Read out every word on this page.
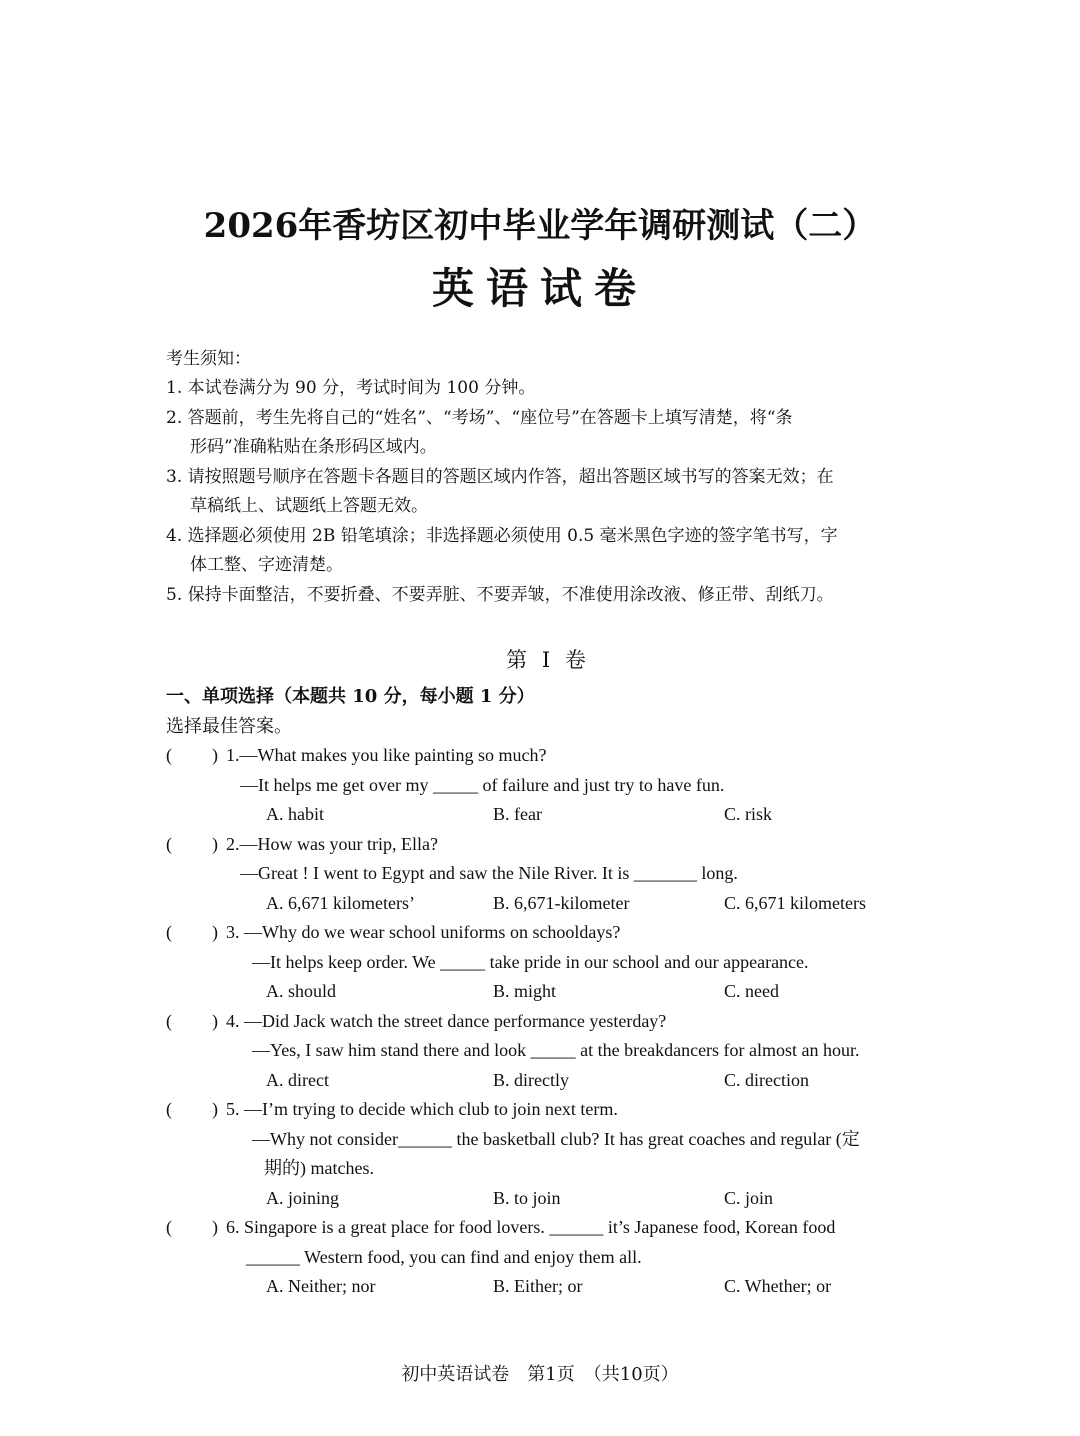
2026年香坊区初中毕业学年调研测试（二）
英语试卷
考生须知：
1. 本试卷满分为 90 分，考试时间为 100 分钟。
2. 答题前，考生先将自己的“姓名”、“考场”、“座位号”在答题卡上填写清楚，将“条
形码”准确粘贴在条形码区域内。
3. 请按照题号顺序在答题卡各题目的答题区域内作答，超出答题区域书写的答案无效；在
草稿纸上、试题纸上答题无效。
4. 选择题必须使用 2B 铅笔填涂；非选择题必须使用 0.5 毫米黑色字迹的签字笔书写，字
体工整、字迹清楚。
5. 保持卡面整洁，不要折叠、不要弄脏、不要弄皱，不准使用涂改液、修正带、刮纸刀。
第 I 卷
一、单项选择（本题共 10 分，每小题 1 分）
选择最佳答案。
( ) 1.—What makes you like painting so much?
—It helps me get over my _____ of failure and just try to have fun.
A. habit	B. fear	C. risk
( ) 2.—How was your trip, Ella?
—Great ! I went to Egypt and saw the Nile River. It is _______ long.
A. 6,671 kilometers’	B. 6,671-kilometer	C. 6,671 kilometers
( ) 3. —Why do we wear school uniforms on schooldays?
—It helps keep order. We _____ take pride in our school and our appearance.
A. should	B. might	C. need
( ) 4. —Did Jack watch the street dance performance yesterday?
—Yes, I saw him stand there and look _____ at the breakdancers for almost an hour.
A. direct	B. directly	C. direction
( ) 5. —I’m trying to decide which club to join next term.
—Why not consider______ the basketball club? It has great coaches and regular (定
期的) matches.
A. joining	B. to join	C. join
( ) 6. Singapore is a great place for food lovers. ______ it’s Japanese food, Korean food
______ Western food, you can find and enjoy them all.
A. Neither; nor	B. Either; or	C. Whether; or
初中英语试卷　第1页　（共10页）
